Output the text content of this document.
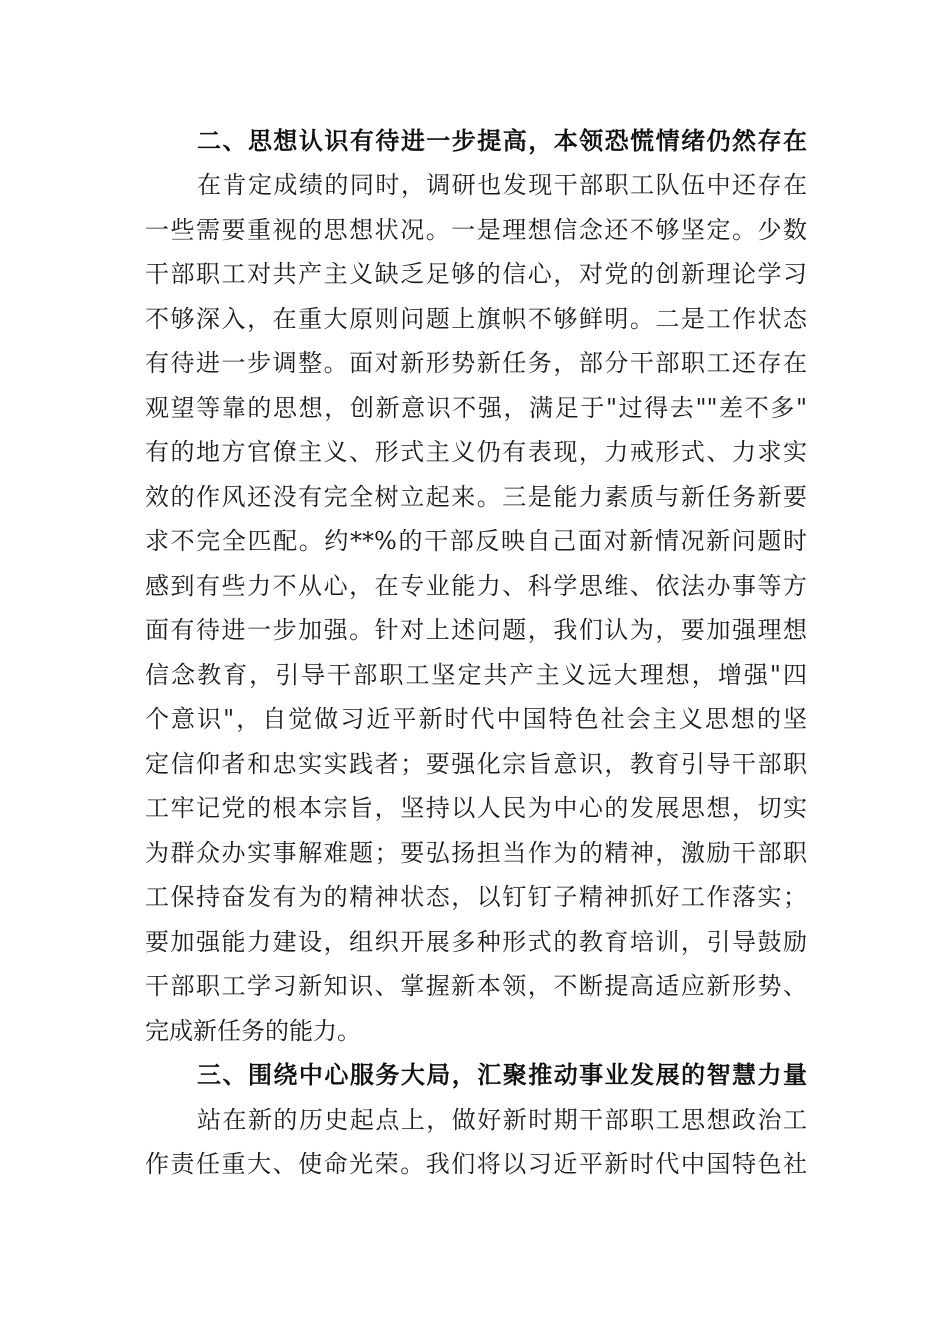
二、思想认识有待进一步提高，本领恐慌情绪仍然存在
在肯定成绩的同时，调研也发现干部职工队伍中还存在
一些需要重视的思想状况。一是理想信念还不够坚定。少数
干部职工对共产主义缺乏足够的信心，对党的创新理论学习
不够深入，在重大原则问题上旗帜不够鲜明。二是工作状态
有待进一步调整。面对新形势新任务，部分干部职工还存在
观望等靠的思想，创新意识不强，满足于"过得去""差不多"
有的地方官僚主义、形式主义仍有表现，力戒形式、力求实
效的作风还没有完全树立起来。三是能力素质与新任务新要
求不完全匹配。约**%的干部反映自己面对新情况新问题时
感到有些力不从心，在专业能力、科学思维、依法办事等方
面有待进一步加强。针对上述问题，我们认为，要加强理想
信念教育，引导干部职工坚定共产主义远大理想，增强"四
个意识"，自觉做习近平新时代中国特色社会主义思想的坚
定信仰者和忠实实践者；要强化宗旨意识，教育引导干部职
工牢记党的根本宗旨，坚持以人民为中心的发展思想，切实
为群众办实事解难题；要弘扬担当作为的精神，激励干部职
工保持奋发有为的精神状态，以钉钉子精神抓好工作落实；
要加强能力建设，组织开展多种形式的教育培训，引导鼓励
干部职工学习新知识、掌握新本领，不断提高适应新形势、
完成新任务的能力。
三、围绕中心服务大局，汇聚推动事业发展的智慧力量
站在新的历史起点上，做好新时期干部职工思想政治工
作责任重大、使命光荣。我们将以习近平新时代中国特色社
